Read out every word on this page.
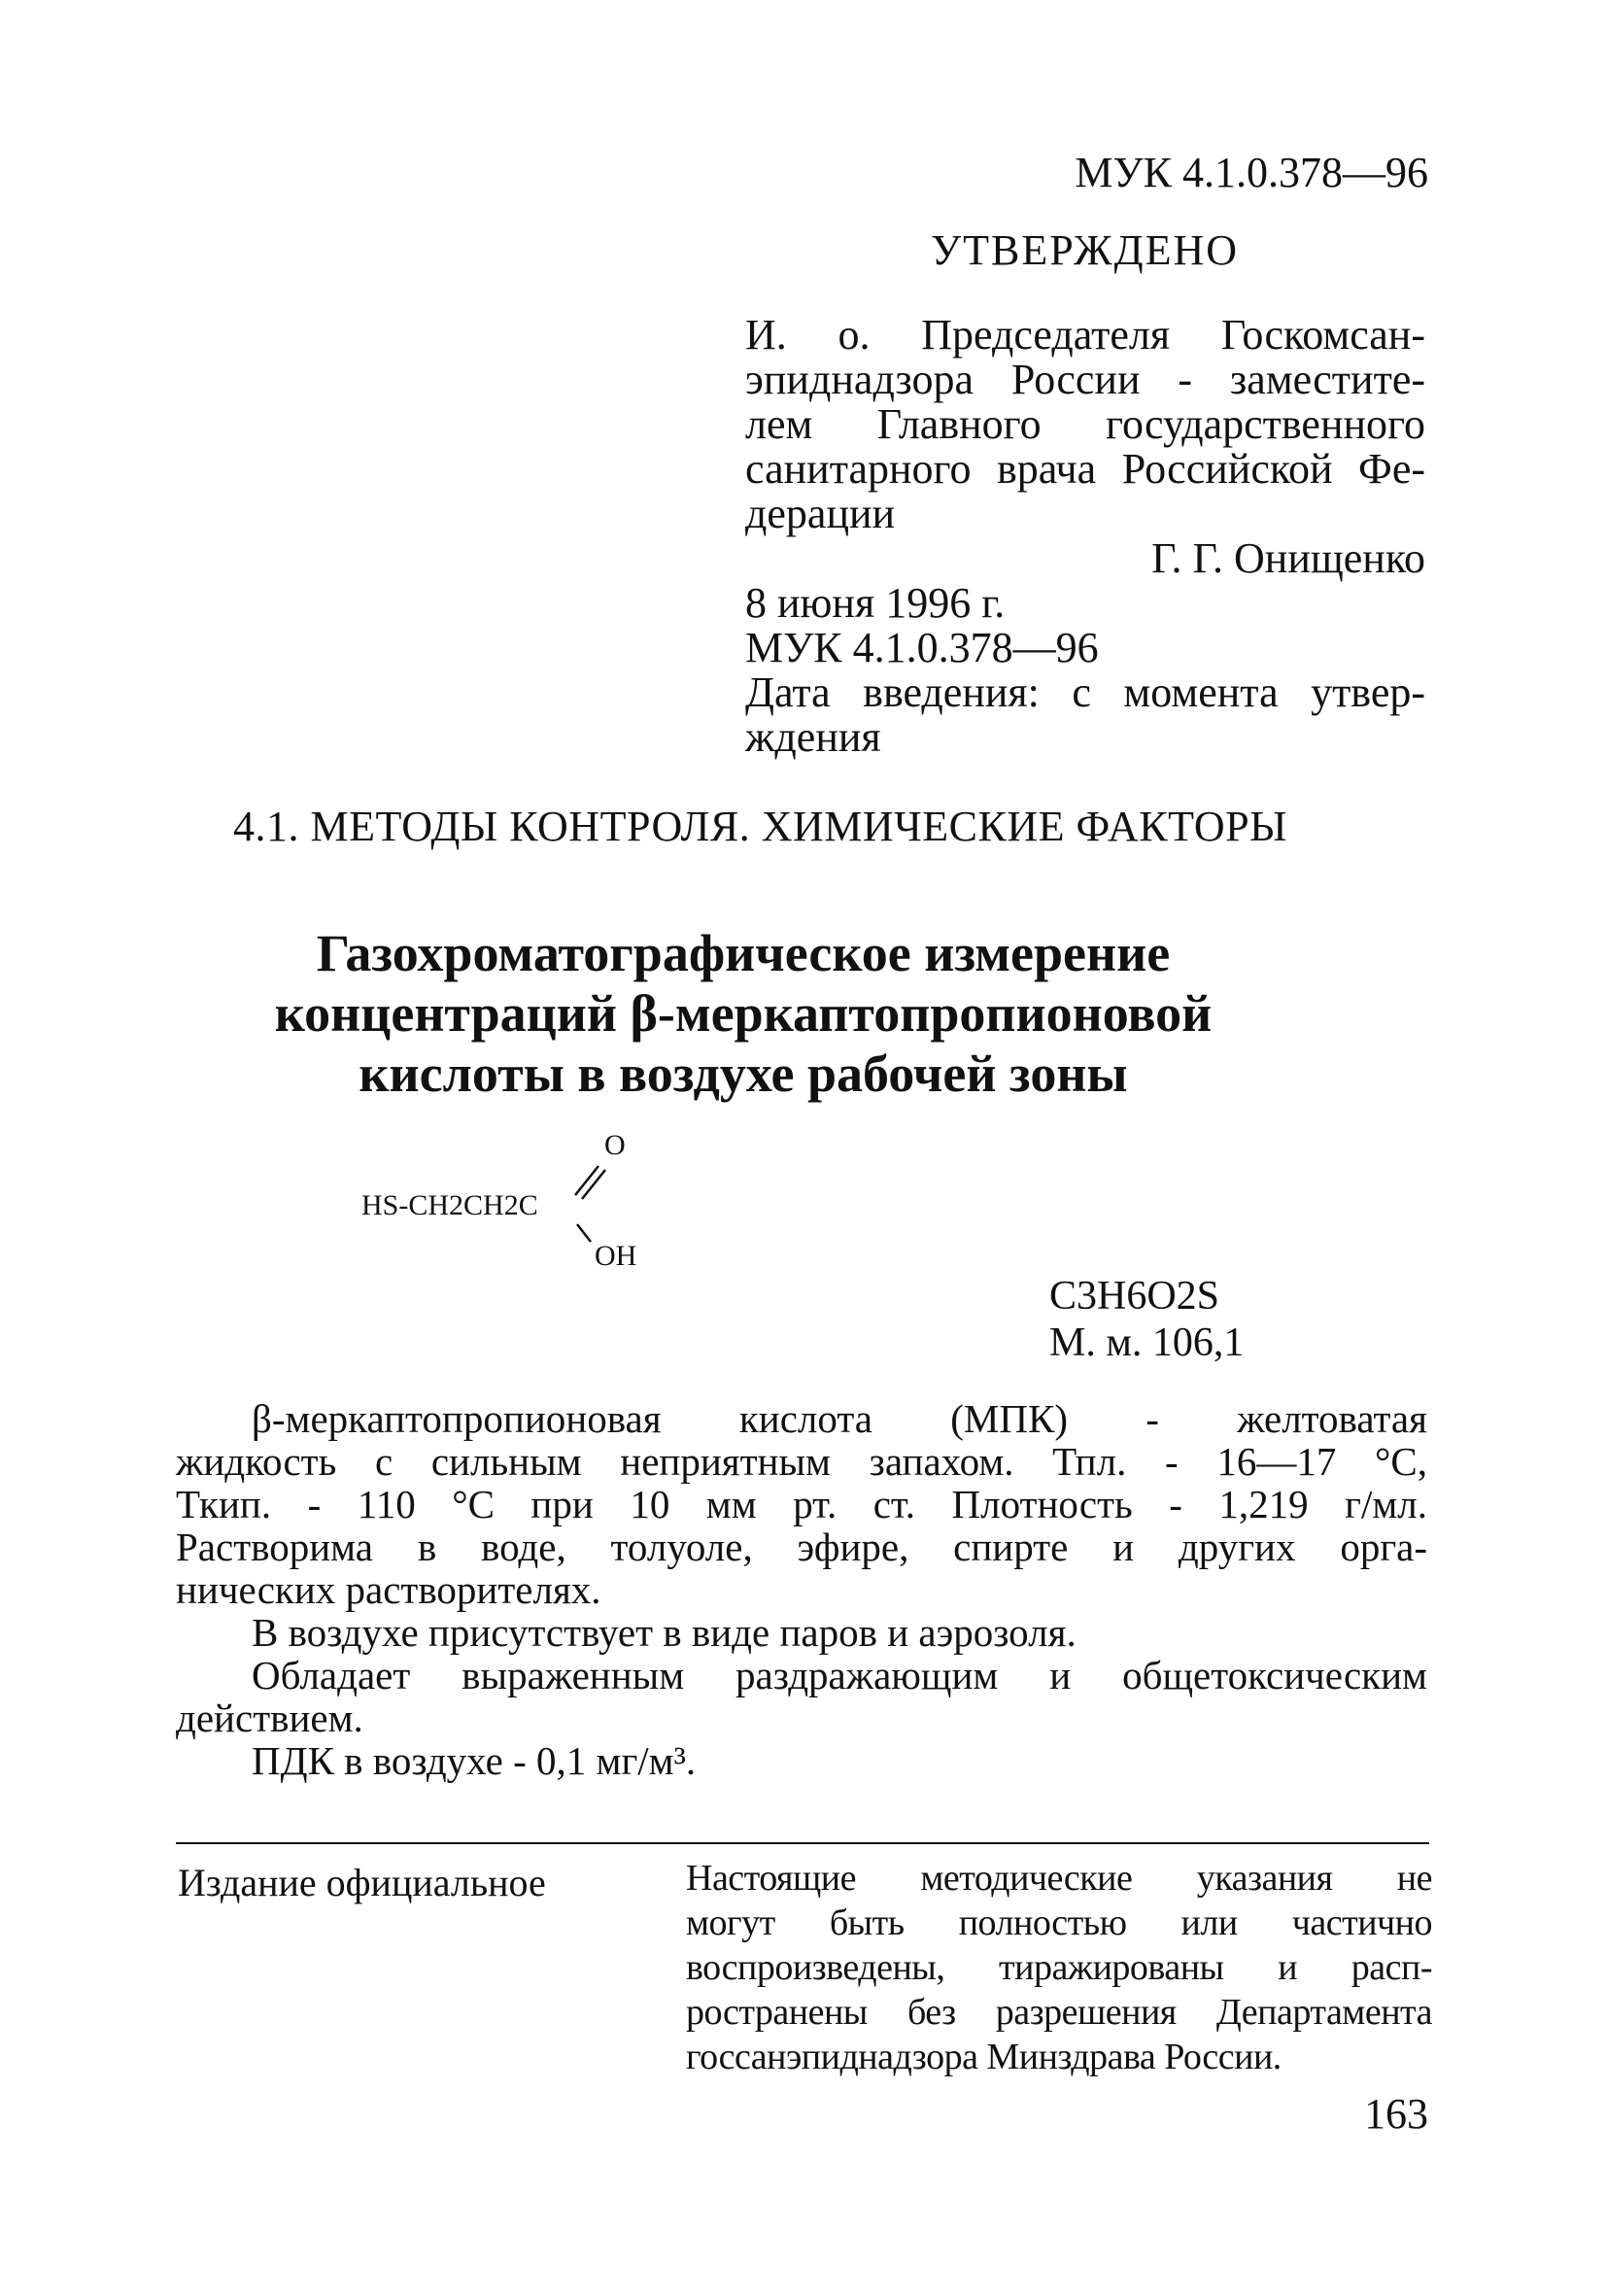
МУК 4.1.0.378—96
УТВЕРЖДЕНО
И. о. Председателя Госкомсан-
эпиднадзора России - заместите-
лем Главного государственного
санитарного врача Российской Фе-
дерации
Г. Г. Онищенко
8 июня 1996 г.
МУК 4.1.0.378—96
Дата введения: с момента утвер-
ждения
4.1. МЕТОДЫ КОНТРОЛЯ. ХИМИЧЕСКИЕ ФАКТОРЫ
Газохроматографическое измерение
концентраций β-меркаптопропионовой
кислоты в воздухе рабочей зоны
O
HS-CH2CH2C
OH
C3H6O2S
М. м. 106,1

β-меркаптопропионовая кислота (МПК) - желтоватая

жидкость с сильным неприятным запахом. Тпл. - 16—17 °С,

Ткип. - 110 °С при 10 мм рт. ст. Плотность - 1,219 г/мл.

Растворима в воде, толуоле, эфире, спирте и других орга-

нических растворителях.

В воздухе присутствует в виде паров и аэрозоля.

Обладает выраженным раздражающим и общетоксическим

действием.

ПДК в воздухе - 0,1 мг/м³.

Издание официальное	Настоящие методические указания не

могут быть полностью или частично

воспроизведены, тиражированы и расп-

ространены без разрешения Департамента

госсанэпиднадзора Минздрава России.

163
